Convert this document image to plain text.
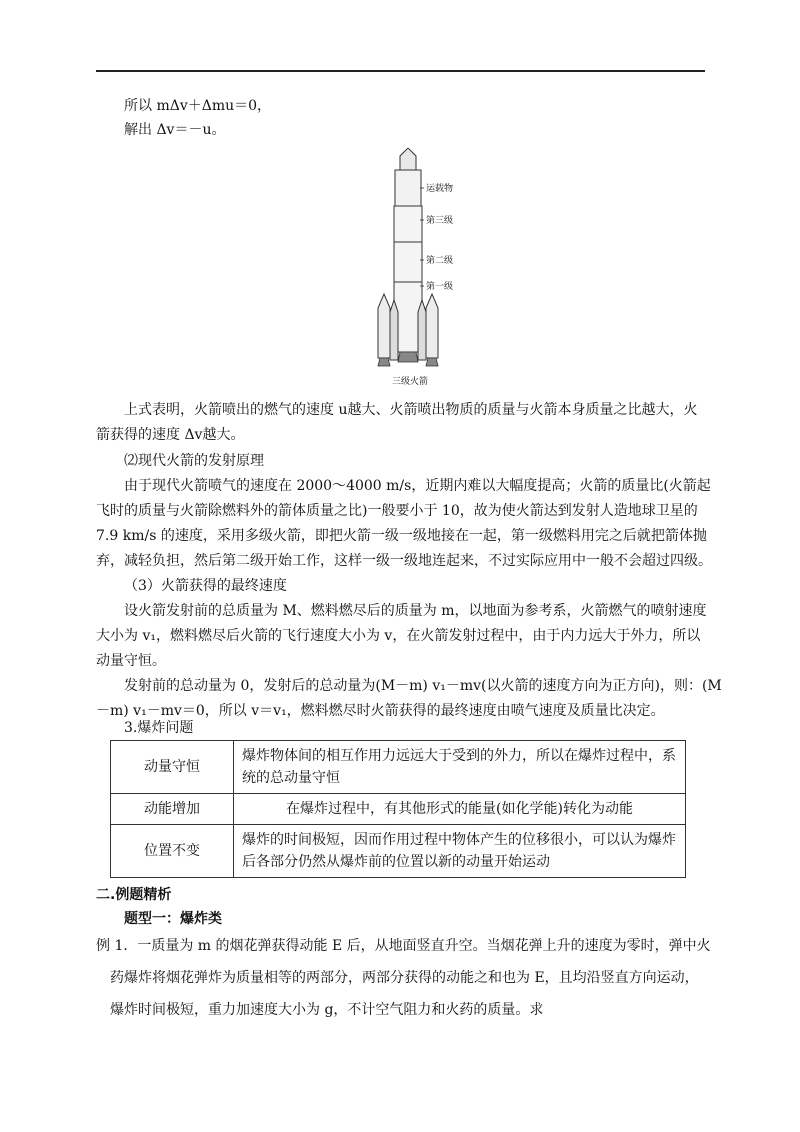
所以 mΔv＋Δmu＝0，
解出 Δv＝－u。
运载物
第三级
第二级
第一级
三级火箭
上式表明，火箭喷出的燃气的速度 u越大、火箭喷出物质的质量与火箭本身质量之比越大，火
箭获得的速度 Δv越大。
⑵现代火箭的发射原理
由于现代火箭喷气的速度在 2000～4000 m/s，近期内难以大幅度提高；火箭的质量比(火箭起
飞时的质量与火箭除燃料外的箭体质量之比)一般要小于 10，故为使火箭达到发射人造地球卫星的
7.9 km/s 的速度，采用多级火箭，即把火箭一级一级地接在一起，第一级燃料用完之后就把箭体抛
弃，减轻负担，然后第二级开始工作，这样一级一级地连起来，不过实际应用中一般不会超过四级。
（3）火箭获得的最终速度
设火箭发射前的总质量为 M、燃料燃尽后的质量为 m，以地面为参考系，火箭燃气的喷射速度
大小为 v₁，燃料燃尽后火箭的飞行速度大小为 v，在火箭发射过程中，由于内力远大于外力，所以
动量守恒。
发射前的总动量为 0，发射后的总动量为(M－m) v₁－mv(以火箭的速度方向为正方向)，则：(M
－m) v₁－mv＝0，所以 v＝v₁，燃料燃尽时火箭获得的最终速度由喷气速度及质量比决定。
3.爆炸问题
动量守恒	爆炸物体间的相互作用力远远大于受到的外力，所以在爆炸过程中，系
统的总动量守恒

动能增加	在爆炸过程中，有其他形式的能量(如化学能)转化为动能
位置不变	爆炸的时间极短，因而作用过程中物体产生的位移很小，可以认为爆炸
后各部分仍然从爆炸前的位置以新的动量开始运动
二.例题精析
题型一：爆炸类
例 1．一质量为 m 的烟花弹获得动能 E 后，从地面竖直升空。当烟花弹上升的速度为零时，弹中火
药爆炸将烟花弹炸为质量相等的两部分，两部分获得的动能之和也为 E，且均沿竖直方向运动，
爆炸时间极短，重力加速度大小为 g，不计空气阻力和火药的质量。求
